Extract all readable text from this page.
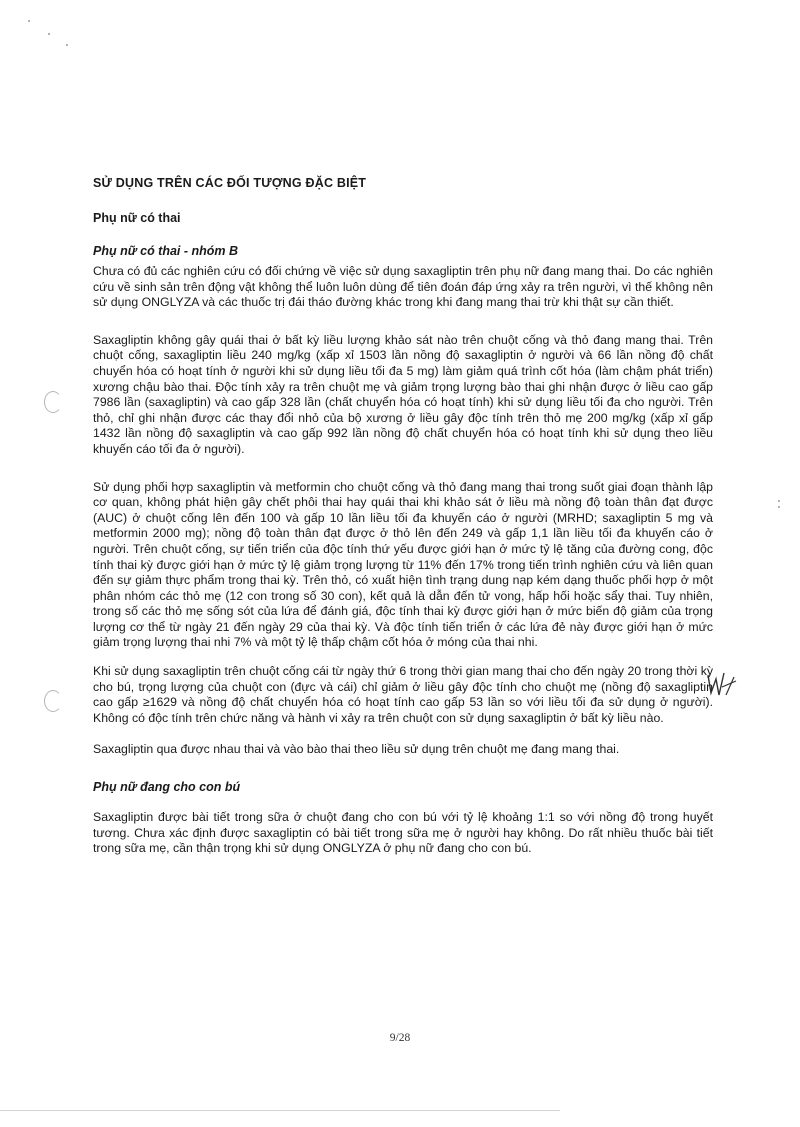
SỬ DỤNG TRÊN CÁC ĐỐI TƯỢNG ĐẶC BIỆT
Phụ nữ có thai
Phụ nữ có thai - nhóm B

Chưa có đủ các nghiên cứu có đối chứng về việc sử dụng saxagliptin trên phụ nữ đang mang thai. Do các nghiên cứu về sinh sản trên động vật không thể luôn luôn dùng để tiên đoán đáp ứng xảy ra trên người, vì thế không nên sử dụng ONGLYZA và các thuốc trị đái tháo đường khác trong khi đang mang thai trừ khi thật sự cần thiết.

Saxagliptin không gây quái thai ở bất kỳ liều lượng khảo sát nào trên chuột cống và thỏ đang mang thai. Trên chuột cống, saxagliptin liều 240 mg/kg (xấp xỉ 1503 lần nồng độ saxagliptin ở người và 66 lần nồng độ chất chuyển hóa có hoạt tính ở người khi sử dụng liều tối đa 5 mg) làm giảm quá trình cốt hóa (làm chậm phát triển) xương chậu bào thai. Độc tính xảy ra trên chuột mẹ và giảm trọng lượng bào thai ghi nhận được ở liều cao gấp 7986 lần (saxagliptin) và cao gấp 328 lần (chất chuyển hóa có hoạt tính) khi sử dụng liều tối đa cho người. Trên thỏ, chỉ ghi nhận được các thay đổi nhỏ của bộ xương ở liều gây độc tính trên thỏ mẹ 200 mg/kg (xấp xỉ gấp 1432 lần nồng độ saxagliptin và cao gấp 992 lần nồng độ chất chuyển hóa có hoạt tính khi sử dụng theo liều khuyến cáo tối đa ở người).

Sử dụng phối hợp saxagliptin và metformin cho chuột cống và thỏ đang mang thai trong suốt giai đoạn thành lập cơ quan, không phát hiện gây chết phôi thai hay quái thai khi khảo sát ở liều mà nồng độ toàn thân đạt được (AUC) ở chuột cống lên đến 100 và gấp 10 lần liều tối đa khuyến cáo ở người (MRHD; saxagliptin 5 mg và metformin 2000 mg); nồng độ toàn thân đạt được ở thỏ lên đến 249 và gấp 1,1 lần liều tối đa khuyến cáo ở người. Trên chuột cống, sự tiến triển của độc tính thứ yếu được giới hạn ở mức tỷ lệ tăng của đường cong, độc tính thai kỳ được giới hạn ở mức tỷ lệ giảm trọng lượng từ 11% đến 17% trong tiến trình nghiên cứu và liên quan đến sự giảm thực phẩm trong thai kỳ. Trên thỏ, có xuất hiện tình trạng dung nạp kém dạng thuốc phối hợp ở một phân nhóm các thỏ mẹ (12 con trong số 30 con), kết quả là dẫn đến tử vong, hấp hối hoặc sẩy thai. Tuy nhiên, trong số các thỏ mẹ sống sót của lứa để đánh giá, độc tính thai kỳ được giới hạn ở mức biến độ giảm của trọng lượng cơ thể từ ngày 21 đến ngày 29 của thai kỳ. Và độc tính tiến triển ở các lứa đẻ này được giới hạn ở mức giảm trọng lượng thai nhi 7% và một tỷ lệ thấp chậm cốt hóa ở móng của thai nhi.

Khi sử dụng saxagliptin trên chuột cống cái từ ngày thứ 6 trong thời gian mang thai cho đến ngày 20 trong thời kỳ cho bú, trọng lượng của chuột con (đực và cái) chỉ giảm ở liều gây độc tính cho chuột mẹ (nồng độ saxagliptin cao gấp ≥1629 và nồng độ chất chuyển hóa có hoạt tính cao gấp 53 lần so với liều tối đa sử dụng ở người). Không có độc tính trên chức năng và hành vi xảy ra trên chuột con sử dụng saxagliptin ở bất kỳ liều nào.

Saxagliptin qua được nhau thai và vào bào thai theo liều sử dụng trên chuột mẹ đang mang thai.

Phụ nữ đang cho con bú

Saxagliptin được bài tiết trong sữa ở chuột đang cho con bú với tỷ lệ khoảng 1:1 so với nồng độ trong huyết tương. Chưa xác định được saxagliptin có bài tiết trong sữa mẹ ở người hay không. Do rất nhiều thuốc bài tiết trong sữa mẹ, cần thận trọng khi sử dụng ONGLYZA ở phụ nữ đang cho con bú.

9/28
